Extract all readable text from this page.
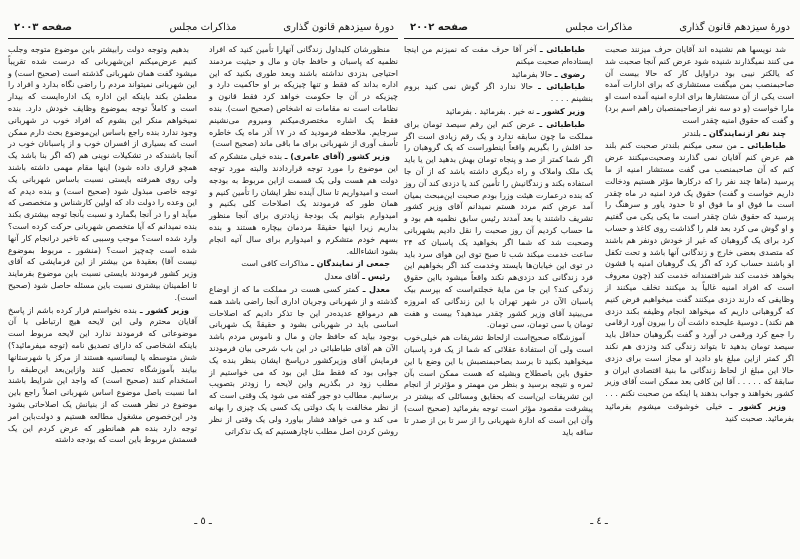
دورهٔ سیزدهم قانون گذاری
مذاکرات مجلس
صفحه ۲۰۰۳

منظورشان کلیداول زندگانی آنهارا تأمین کنید که افراد نظمیه که پاسبان و حافظ جان و مال و حیثیت مردمند احتیاجی بدزدی نداشته باشند وبعد طوری بکنید که این اداره بداند که فقط و تنها چیزیکه بر او حاکمیت دارد و چیزیکه در آن جا حکومت خواهد کرد فقط قانون و نظامات است نه مقامات نه اشخاص (صحیح است). بنده فقط یک اشاره مختصری‌میکنم ومیروم می‌نشینم سرجایم. ملاحظه فرمودید که در ۱۷ آذر ماه یک خاطره تأسف آوری از شهربانی برای ما باقی ماند (صحیح است)

وزیر کشور (آقای عامری) ـ بنده خیلی متشکرم که این موضوع را مورد توجه قراردادند والبته مورد توجه دولت هم هست ولی یک قسمت ازاین مربوط به بودجه است و امیدواریم تا سال آینده نظر ایشان را تأمین کنیم و همان طور که فرمودند یک اصلاحات کلی بکنیم و امیدوارم بتوانیم یک بودجهٔ زیادتری برای آنجا منظور بداریم زیرا اینها حقیقةً مردمان بیچاره هستند و بنده بسهم خودم متشکرم و امیدوارم برای سال آتیه انجام بشود انشاءالله.

جمعی از نمایندگان ـ مذاکرات کافی است

رئیس ـ آقای معدل

معدل ـ کمتر کسی هست در مملکت ما که از اوضاع گذشته و از شهربانی وجریان اداری آنجا راضی باشد همه هم درمواقع عدیده‌در این جا تذکر دادیم که اصلاحات اساسی باید در شهربانی بشود و حقیقةً یک شهربانی بوجود بیاید که حافظ جان و مال و ناموس مردم باشد الآن هم آقای طباطبائی در این باب شرحی بیان فرمودند فرمایش آقای وزیرکشور درپاسخ ایشان بنظر بنده یک جوابی بود که فقط مثل این بود که می خواستیم از مطلب زود در بگذریم واین لایحه را زودتر بتصویب برسانیم. مطالب دو جور گفته می شود یک وقتی است که از نظر مخالفت با یک دولتی یک کسی یک چیزی را بهانه می کند و می خواهد فشار بیاورد ولی یک وقتی از نظر روشن کردن اصل مطلب ناچارهستیم که یک تذکراتی

بدهیم وتوجه دولت رابیشتر باین موضوع متوجه وجلب کنیم عرض‌میکنم این‌شهربانی که درست شده تقریباً میشود گفت همان شهربانی گذشته است (صحیح است) و این شهربانی نمیتواند مردم را راضی نگاه بدارد و افراد را مطمئن بکند باینکه این اداره یک اداره‌ایست که بیدار است و کاملاً توجه بموضوع وظایف خودش دارد. بنده نمیخواهم منکر این بشوم که افراد خوب در شهربانی وجود ندارد بنده راجع باساس این‌موضوع بحث دارم ممکن است که بسیاری از افسران خوب و از پاسبانان خوب در آنجا باشندکه در تشکیلات نوینی هم (که اگر بنا باشد یک همچو قراری داده شود) اینها مقام مهمی داشته باشند ولی روی همرفته بایستی نسبت باساس شهربانی یک توجه خاصی مبذول شود (صحیح است) و بنده دیدم که این وعده را دولت داد که اولین کارشناس و متخصصی که میآید او را در آنجا بگمارد و نسبت بآنجا توجه بیشتری بکند بنده نمیدانم که آیا متخصص شهربانی حرکت کرده است؟ وارد شده است؟ موجب وسببی که تاخیر درانجام کار آنها شده است چه‌چیز است؟ (منشور ـ مربوط بموضوع نیست آقا) بعقیدهٔ من بیشتر از این فرمایشی که آقای وزیر کشور فرمودند بایستی نسبت باین موضوع بفرمایند تا اطمینان بیشتری نسبت باین مسئله حاصل شود (صحیح است).

وزیر کشور ـ بنده نخواستم فرار کرده باشم از پاسخ آقایان محترم ولی این لایحه هیچ ارتباطی با آن موضوعاتی که فرمودند ندارد این لایحه مربوط است باینکه اشخاصی که دارای تصدیق نامه (توجه میفرمائید؟) شش متوسطه یا لیسانسیه هستند از مرکز یا شهرستانها بیایند بآموزشگاه تحصیل کنند وازاین‌بعد این‌طبقه را استخدام کنند (صحیح است) که واجد این شرایط باشند اما نسبت باصل موضوع اساس شهربانی اصلاً راجع باین موضوع در نظر هست که از بنیانش یک اصلاحاتی بشود ودر این‌خصوص مشغول مطالعه هستیم و دولت‌باین امر توجه دارد بنده هم همانطور که عرض کردم این یک قسمتش مربوط باین است که بودجه داشته

ـ ٥ ـ
دورهٔ سیزدهم قانون گذاری
مذاکرات مجلس
صفحه ۲۰۰۲

شد نویسها هم نشنیده اند آقایان حرف میزنند صحبت می کنند نمیگذارند شنیده شود عرض کنم آنجا صحبت شد که یالکتر نیبی بود دراوایل کار که حالا بیست آن صاحبمنصب بمن میگفت مستشاری که برای ادارات آمده است یکی از آن مستشارها برای اداره امنیه آمده است او مارا خواست (و دو سه نفر ازصاحبمنصبان راهم اسم برد) و گفت که حقوق امنیه چقدر است

چند نفر ازنمایندگان ـ بلندتر

طباطبائی ـ من سعی میکنم بلندتر صحبت کنم بلند هم عرض کنم آقایان نمی گذارند وصحبت‌میکنند عرض کنم که آن صاحبمنصب می گفت مستشار امنیه از ما پرسید (ماها چند نفر را که درکارها مؤثر هستیم ودخالت داریم خواست و گفت) حقوق یک فرد امنیه در ماه چقدر است ما فوق او ما فوق او تا حدود یاور و سرهنگ را پرسید که حقوق شان چقدر است ما یکی یکی می گفتیم و او گوش می کرد بعد قلم را گذاشت روی کاغذ و حساب کرد برای یک گروهبان که غیر از خودش دونفر هم باشند که متصدی بعضی خارج و زندگانی آنها باشد و تحت تکفل او باشند حساب کرد که اگر یک گروهبان امنیه یا قشون بخواهد خدمت کند شرافتمندانه خدمت کند (چون معروف است که افراد امنیه غالباً بد میکنند تخلف میکنند از وظایفی که دارند دزدی میکنند گفت میخواهیم فرض کنیم که گروهبانی داریم که میخواهد انجام وظیفه بکند دزدی هم نکند) ـ دوسیهٔ علیحده داشت آن را بیرون آورد ارقامی را جمع کرد ورقمی در آورد و گفت بگروهبان حداقل باید سیصد تومان بدهید تا بتواند زندگی کند ودزدی هم نکند اگر کمتر ازاین مبلغ باو دادید او مجاز است برای دزدی حالا این مبلغ از لحاظ زندگانی ما بنیهٔ اقتصادی ایران و سابقهٔ که . . . . . آقا این کافی بعد ممکن است آقای وزیر کشور بخواهند و جواب بدهند یا اینکه من صحبت نکنم . . .

وزیر کشور ـ خیلی خوشوقت میشوم بفرمائید بفرمائید. صحبت کنید

طباطبائی ـ آخر آقا حرف مفت که نمیزنم من اینجا ایستاده‌ام صحبت میکنم

رضوی ـ حالا بفرمائید

طباطبائی ـ حالا ندارد اگر گوش نمی کنید بروم بنشینم . . . .

وزیر کشور ـ نه خیر . بفرمائید . بفرمائید

طباطبائی ـ عرض کنم این رقم سیصد تومان برای مملکت ما چون سابقه ندارد و یک رقم زیادی است اگر حد اقلش را بگیریم واقعاً اینطوراست که یک گروهبان را اگر شما کمتر از صد و پنجاه تومان بهش بدهید این یا باید یک ملک واملاک و راه دیگری داشته باشد که از آن جا استفاده بکند و زندگانیش را تأمین کند یا دزدی کند آن روز که بنده درعمارت هیئت وزرا بودم صحبت این‌مبحث بمیان آمد عرض کنم مردد هستم نمیدانم آقای وزیر کشور تشریف داشتند یا بعد آمدند رئیس سابق نظمیه هم بود و ما حساب کردیم آن روز صحبت را نقل دادیم بشهربانی وصحبت شد که شما اگر بخواهید یک پاسبان که ۲۴ ساعت خدمت میکند شب تا صبح توی این هوای سرد باید در توی این خیابان‌ها بایستد وخدمت کند اگر بخواهیم این فرد زندگانی کند دزدی‌هم نکند واقعاً میشود بااین حقوق زندگی کند؟ این جا من مایهٔ خجلتم‌است که بپرسم بیک پاسبان الآن در شهر تهران با این زندگانی که امروزه می‌بینید آقای وزیر کشور چقدر میدهید؟ بیست و هفت تومان یا سی تومان، سی تومان.

آموزشگاه صحیح‌است ازلحاظ تشریفات هم خیلی‌خوب است ولی آن استفادهٔ عقلائی که شما از یک فرد پاسبان میخواهید بکنید تا برسد بصاحبمنصبش با این وضع با این حقوق باین باصطلاح وبشیئه که هست ممکن است بآن ثمره و نتیجه برسید و بنظر من مهمتر و مؤثرتر از انجام این تشریفات این‌است که بحقایق ومسائلی که بیشتر در پیشرفت مقصود مؤثر است توجه بفرمائید (صحیح است) وآن این است که ادارهٔ شهربانی را از سر تا بن از صدر تا ساقه باید

ـ ٤ ـ
